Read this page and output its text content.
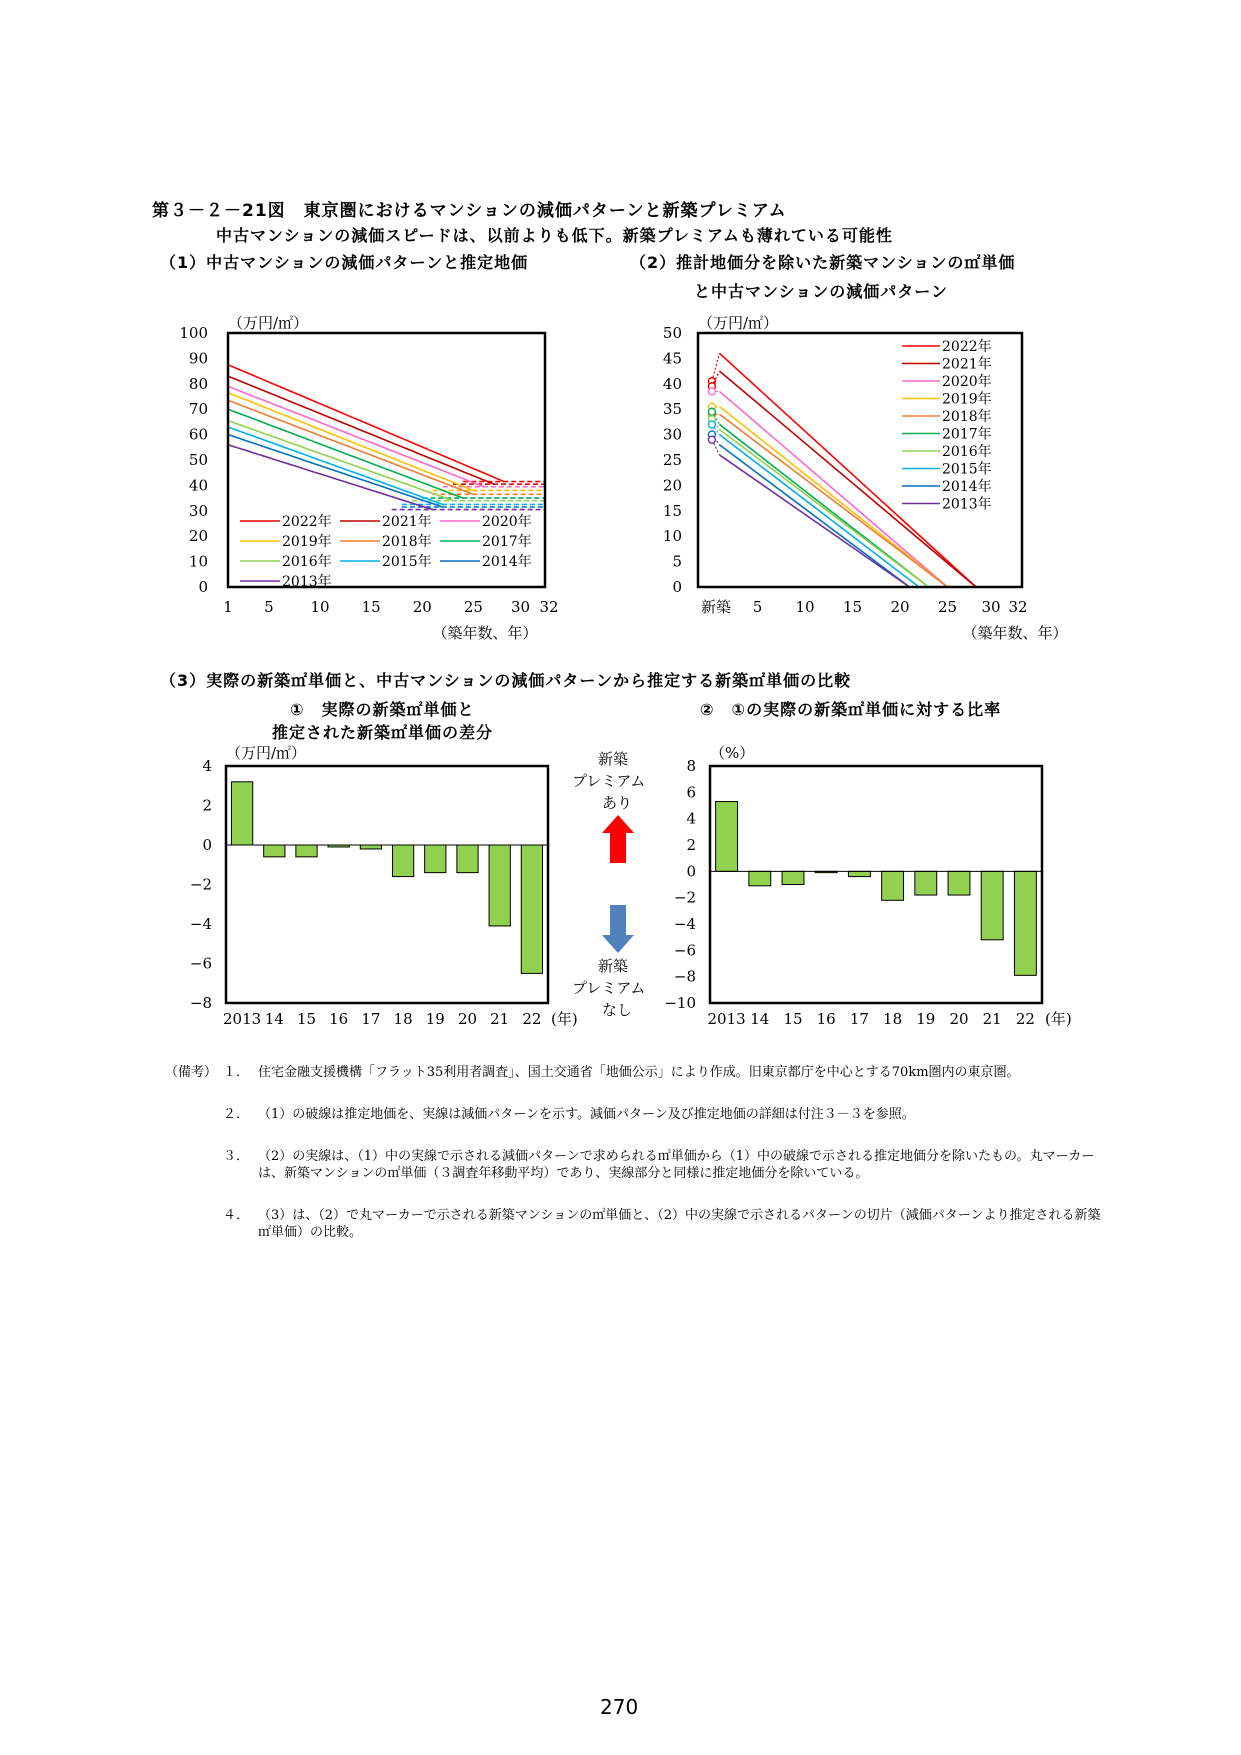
第３－２－21図　東京圏におけるマンションの減価パターンと新築プレミアム
中古マンションの減価スピードは、以前よりも低下。新築プレミアムも薄れている可能性
（1）中古マンションの減価パターンと推定地価	（2）推計地価分を除いた新築マンションの㎡単価
と中古マンションの減価パターン
（万円/㎡）
0
10
20
30
40
50
60
70
80
90
100
1 5 10 15 20 25 30 32
（築年数、年）
2022年	2021年	2020年
2019年	2018年	2017年
2016年	2015年	2014年
2013年
（万円/㎡）
0
5
10
15
20
25
30
35
40
45
50
新築 5 10 15 20 25 30 32
（築年数、年）
2022年
2021年
2020年
2019年
2018年
2017年
2016年
2015年
2014年
2013年
（3）実際の新築㎡単価と、中古マンションの減価パターンから推定する新築㎡単価の比較
①　実際の新築㎡単価と
推定された新築㎡単価の差分
②　①の実際の新築㎡単価に対する比率
（万円/㎡）
−8
−6
−4
−2
0
2
4
2013 14 15 16 17 18 19 20 21 22 (年)
（%）
−10
−8
−6
−4
−2
0
2
4
6
8
2013 14 15 16 17 18 19 20 21 22 (年)
新築
プレミアム
あり
新築
プレミアム
なし
（備考） １． 住宅金融支援機構「フラット35利用者調査」、国土交通省「地価公示」により作成。旧東京都庁を中心とする70km圏内の東京圏。
２． （1）の破線は推定地価を、実線は減価パターンを示す。減価パターン及び推定地価の詳細は付注３－３を参照。
３． （2）の実線は、（1）中の実線で示される減価パターンで求められる㎡単価から（1）中の破線で示される推定地価分を除いたもの。丸マーカーは、新築マンションの㎡単価（３調査年移動平均）であり、実線部分と同様に推定地価分を除いている。
４． （3）は、（2）で丸マーカーで示される新築マンションの㎡単価と、（2）中の実線で示されるパターンの切片（減価パターンより推定される新築㎡単価）の比較。
270
